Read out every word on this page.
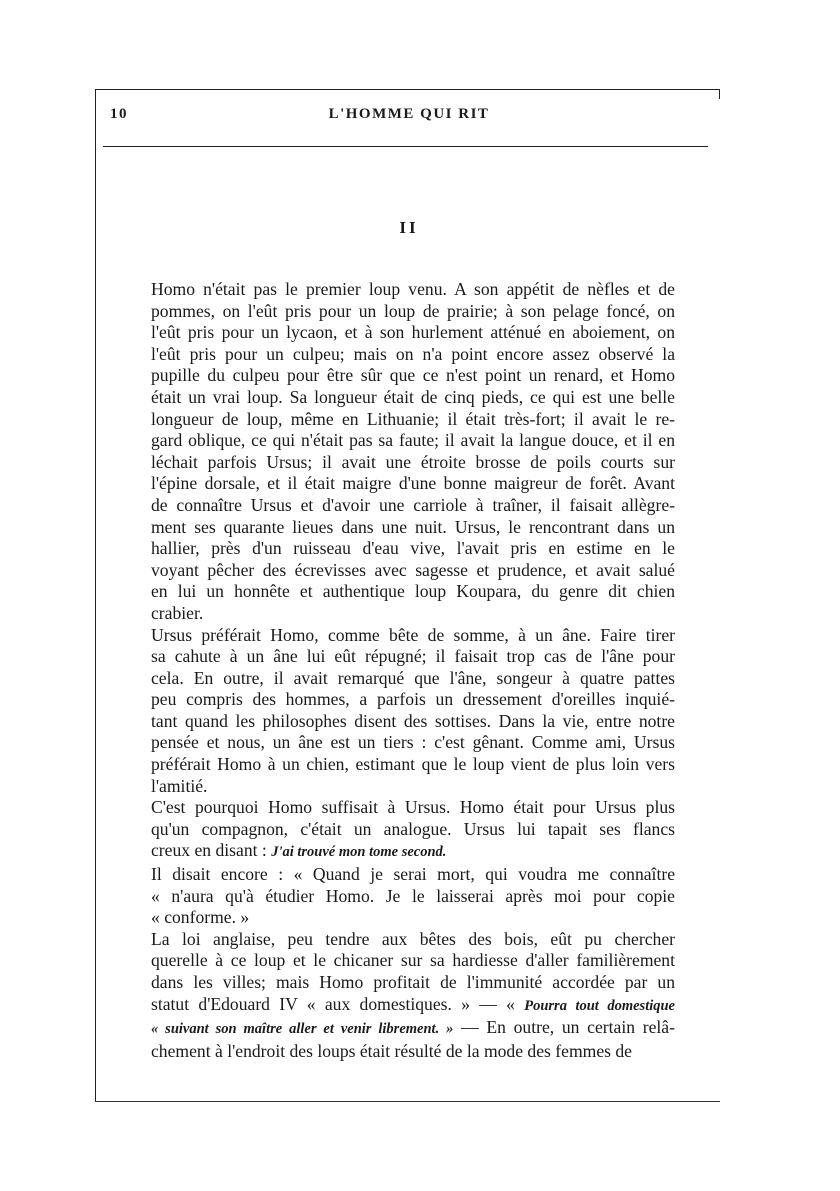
10	L'HOMME QUI RIT
II

Homo n'était pas le premier loup venu. A son appétit de nèfles et de
pommes, on l'eût pris pour un loup de prairie; à son pelage foncé, on
l'eût pris pour un lycaon, et à son hurlement atténué en aboiement, on
l'eût pris pour un culpeu; mais on n'a point encore assez observé la
pupille du culpeu pour être sûr que ce n'est point un renard, et Homo
était un vrai loup. Sa longueur était de cinq pieds, ce qui est une belle
longueur de loup, même en Lithuanie; il était très-fort; il avait le re-
gard oblique, ce qui n'était pas sa faute; il avait la langue douce, et il en
léchait parfois Ursus; il avait une étroite brosse de poils courts sur
l'épine dorsale, et il était maigre d'une bonne maigreur de forêt. Avant
de connaître Ursus et d'avoir une carriole à traîner, il faisait allègre-
ment ses quarante lieues dans une nuit. Ursus, le rencontrant dans un
hallier, près d'un ruisseau d'eau vive, l'avait pris en estime en le
voyant pêcher des écrevisses avec sagesse et prudence, et avait salué
en lui un honnête et authentique loup Koupara, du genre dit chien
crabier.

Ursus préférait Homo, comme bête de somme, à un âne. Faire tirer
sa cahute à un âne lui eût répugné; il faisait trop cas de l'âne pour
cela. En outre, il avait remarqué que l'âne, songeur à quatre pattes
peu compris des hommes, a parfois un dressement d'oreilles inquié-
tant quand les philosophes disent des sottises. Dans la vie, entre notre
pensée et nous, un âne est un tiers : c'est gênant. Comme ami, Ursus
préférait Homo à un chien, estimant que le loup vient de plus loin vers
l'amitié.

C'est pourquoi Homo suffisait à Ursus. Homo était pour Ursus plus
qu'un compagnon, c'était un analogue. Ursus lui tapait ses flancs
creux en disant : J'ai trouvé mon tome second.

Il disait encore : « Quand je serai mort, qui voudra me connaître
« n'aura qu'à étudier Homo. Je le laisserai après moi pour copie
« conforme. »

La loi anglaise, peu tendre aux bêtes des bois, eût pu chercher
querelle à ce loup et le chicaner sur sa hardiesse d'aller familièrement
dans les villes; mais Homo profitait de l'immunité accordée par un
statut d'Edouard IV « aux domestiques. » — « Pourra tout domestique
« suivant son maître aller et venir librement. » — En outre, un certain relâ-
chement à l'endroit des loups était résulté de la mode des femmes de
